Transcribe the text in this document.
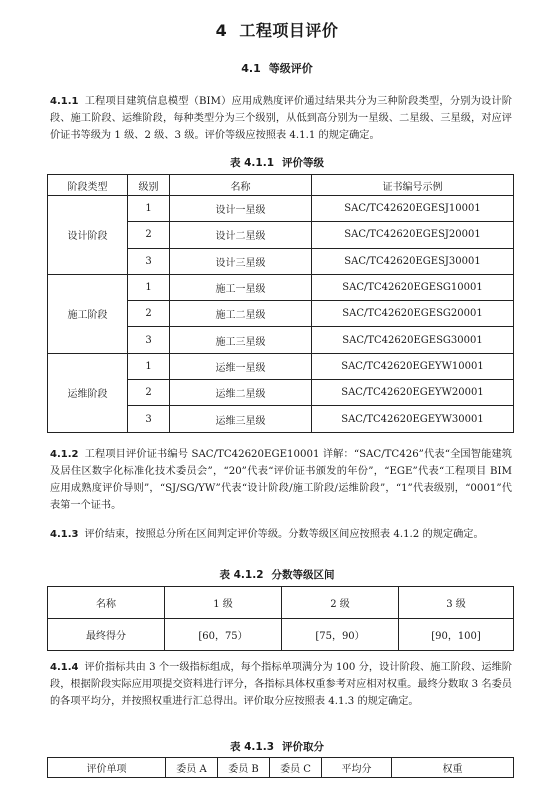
4 工程项目评价
4.1 等级评价

4.1.1 工程项目建筑信息模型（BIM）应用成熟度评价通过结果共分为三种阶段类型，分别为设计阶段、施工阶段、运维阶段，每种类型分为三个级别，从低到高分别为一星级、二星级、三星级，对应评价证书等级为 1 级、2 级、3 级。评价等级应按照表 4.1.1 的规定确定。

表 4.1.1 评价等级
阶段类型	级别	名称	证书编号示例
设计阶段	1	设计一星级	SAC/TC42620EGESJ10001
	2	设计二星级	SAC/TC42620EGESJ20001
	3	设计三星级	SAC/TC42620EGESJ30001
施工阶段	1	施工一星级	SAC/TC42620EGESG10001
	2	施工二星级	SAC/TC42620EGESG20001
	3	施工三星级	SAC/TC42620EGESG30001
运维阶段	1	运维一星级	SAC/TC42620EGEYW10001
	2	运维二星级	SAC/TC42620EGEYW20001
	3	运维三星级	SAC/TC42620EGEYW30001

4.1.2 工程项目评价证书编号 SAC/TC42620EGE10001 详解：“SAC/TC426”代表“全国智能建筑及居住区数字化标准化技术委员会”，“20”代表“评价证书颁发的年份”，“EGE”代表“工程项目 BIM 应用成熟度评价导则”，“SJ/SG/YW”代表“设计阶段/施工阶段/运维阶段”，“1”代表级别，“0001”代表第一个证书。

4.1.3 评价结束，按照总分所在区间判定评价等级。分数等级区间应按照表 4.1.2 的规定确定。

表 4.1.2 分数等级区间
名称	1 级	2 级	3 级
最终得分	[60，75）	[75，90）	[90，100]

4.1.4 评价指标共由 3 个一级指标组成，每个指标单项满分为 100 分，设计阶段、施工阶段、运维阶段，根据阶段实际应用项提交资料进行评分，各指标具体权重参考对应相对权重。最终分数取 3 名委员的各项平均分，并按照权重进行汇总得出。评价取分应按照表 4.1.3 的规定确定。

表 4.1.3 评价取分
评价单项	委员 A	委员 B	委员 C	平均分	权重
